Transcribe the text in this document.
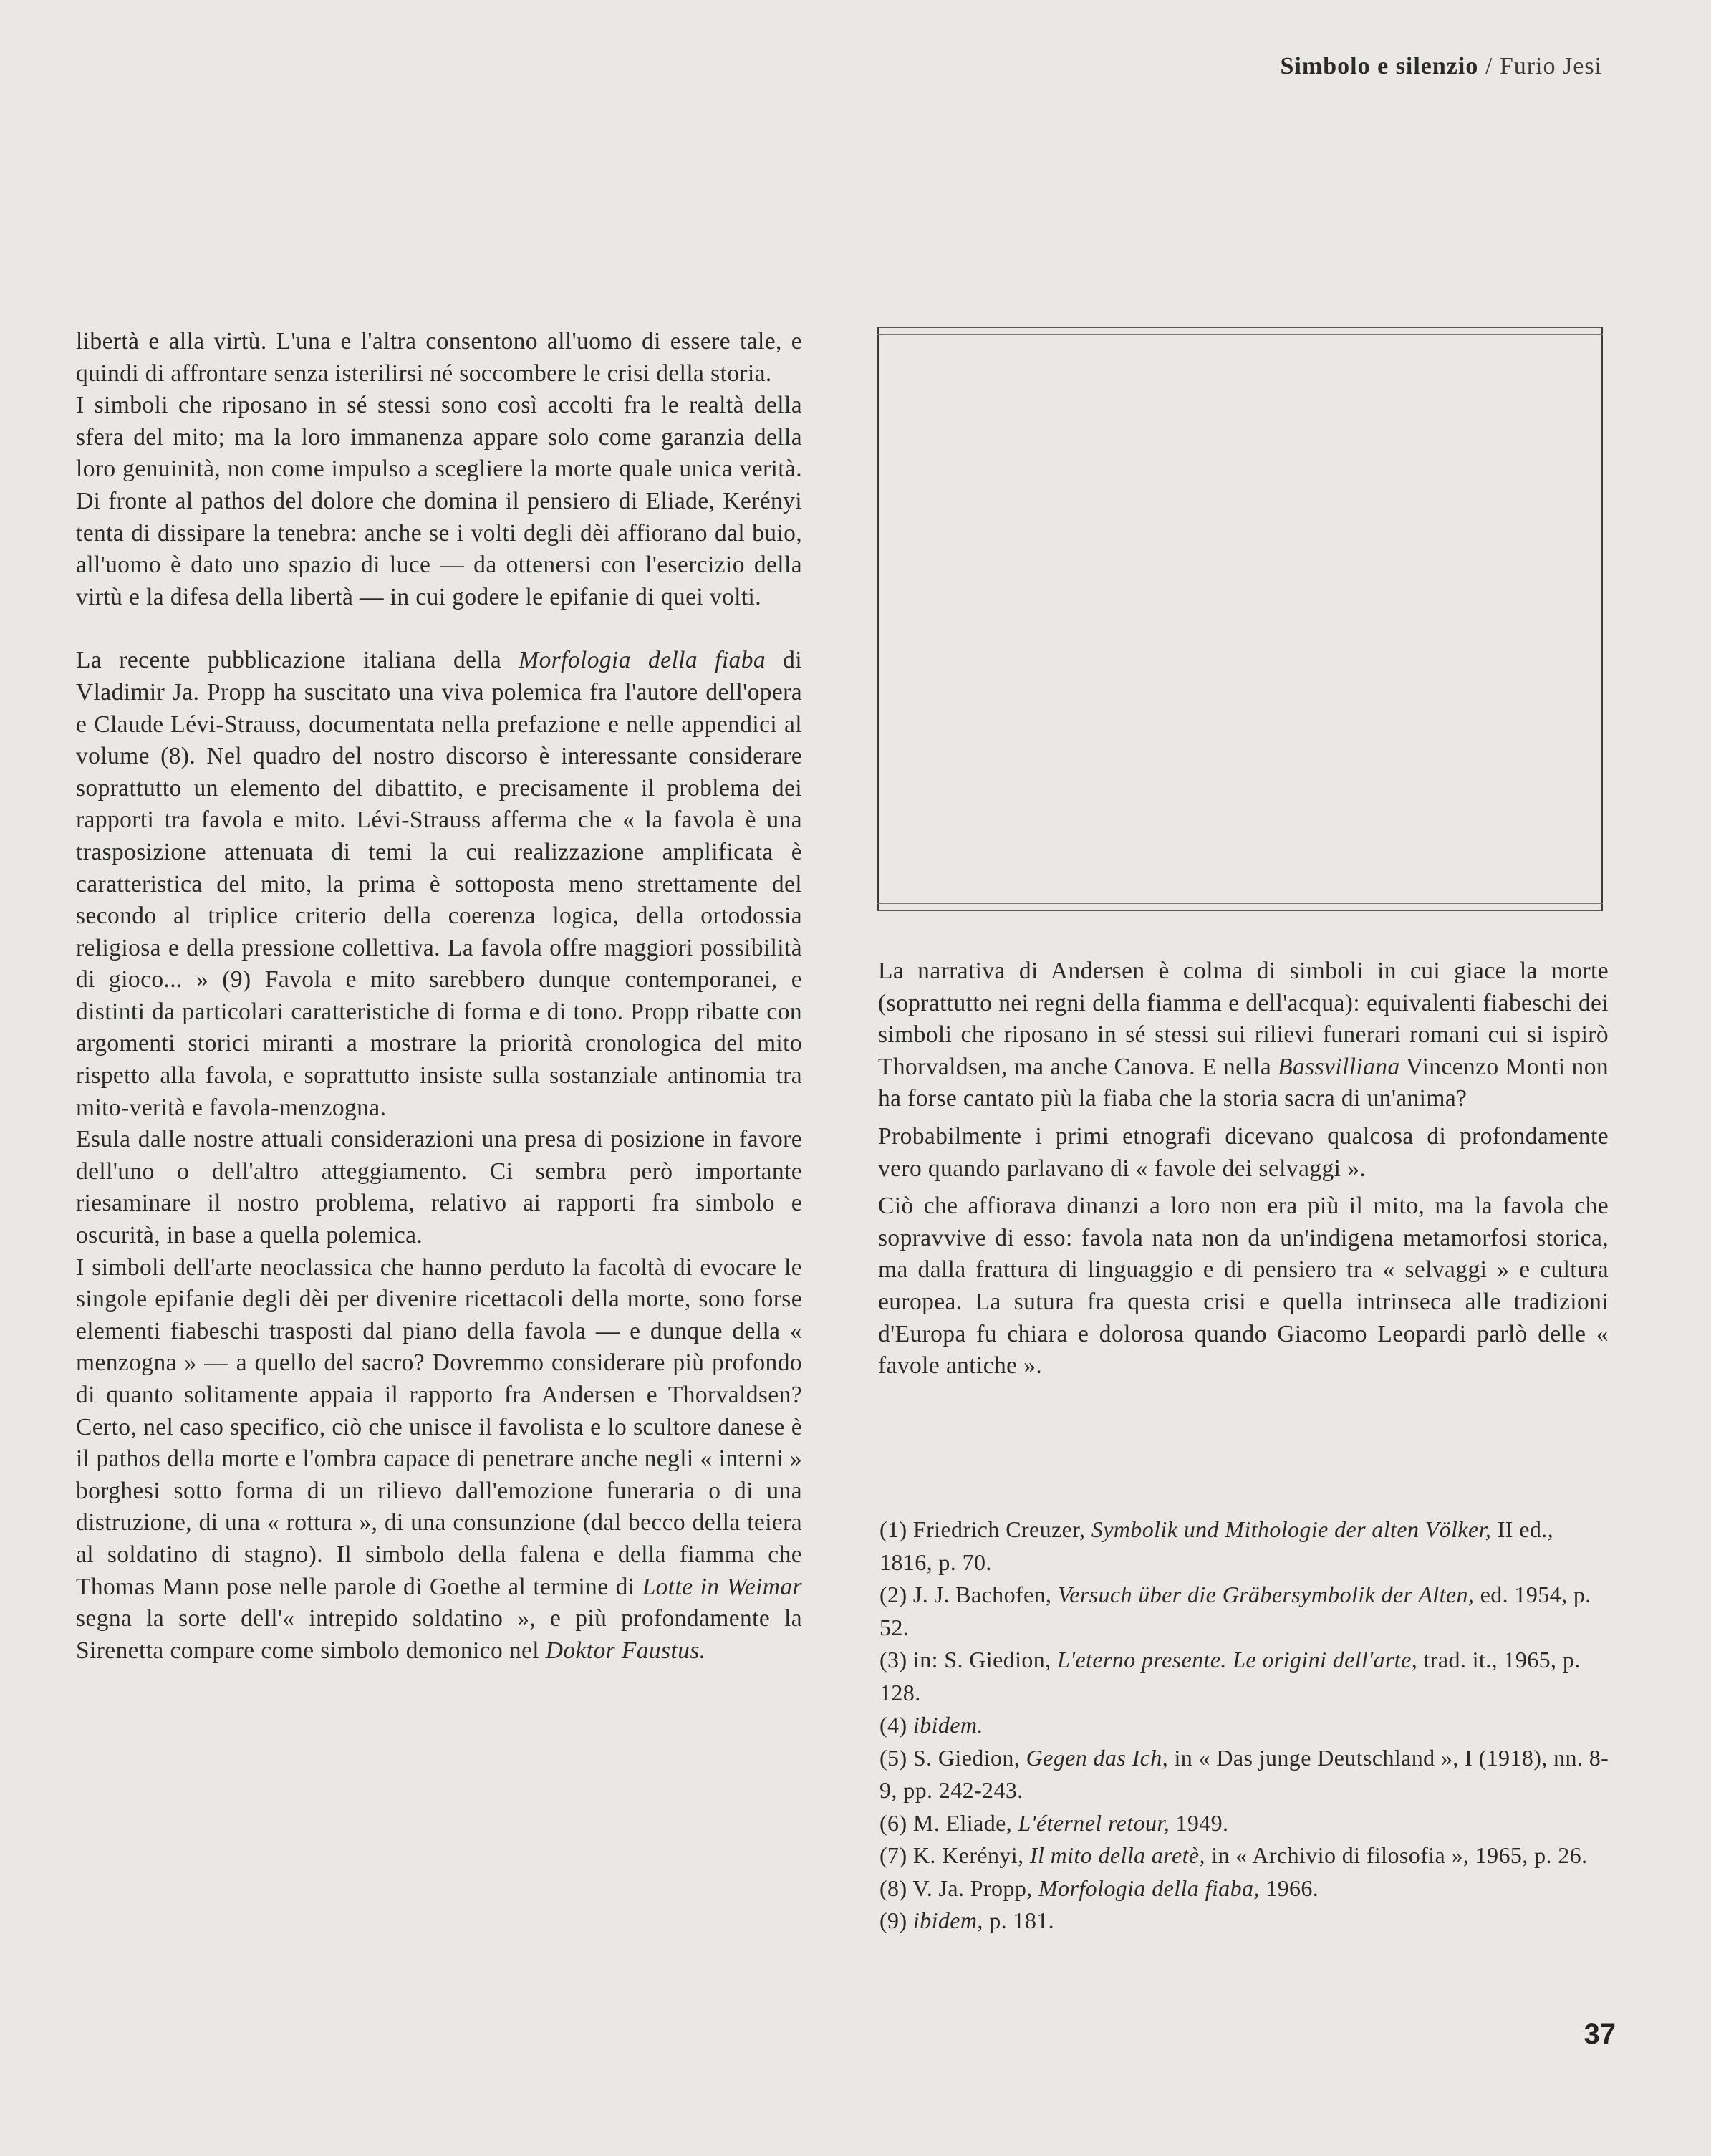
Simbolo e silenzio / Furio Jesi

libertà e alla virtù. L'una e l'altra consentono all'uomo di essere tale, e quindi di affrontare senza isterilirsi né soccombere le crisi della storia.

I simboli che riposano in sé stessi sono così accolti fra le realtà della sfera del mito; ma la loro immanenza appare solo come garanzia della loro genuinità, non come impulso a scegliere la morte quale unica verità. Di fronte al pathos del dolore che domina il pensiero di Eliade, Kerényi tenta di dissipare la tenebra: anche se i volti degli dèi affiorano dal buio, all'uomo è dato uno spazio di luce — da ottenersi con l'esercizio della virtù e la difesa della libertà — in cui godere le epifanie di quei volti.

La recente pubblicazione italiana della Morfologia della fiaba di Vladimir Ja. Propp ha suscitato una viva polemica fra l'autore dell'opera e Claude Lévi-Strauss, documentata nella prefazione e nelle appendici al volume (8). Nel quadro del nostro discorso è interessante considerare soprattutto un elemento del dibattito, e precisamente il problema dei rapporti tra favola e mito. Lévi-Strauss afferma che « la favola è una trasposizione attenuata di temi la cui realizzazione amplificata è caratteristica del mito, la prima è sottoposta meno strettamente del secondo al triplice criterio della coerenza logica, della ortodossia religiosa e della pressione collettiva. La favola offre maggiori possibilità di gioco... » (9) Favola e mito sarebbero dunque contemporanei, e distinti da particolari caratteristiche di forma e di tono. Propp ribatte con argomenti storici miranti a mostrare la priorità cronologica del mito rispetto alla favola, e soprattutto insiste sulla sostanziale antinomia tra mito-verità e favola-menzogna.

Esula dalle nostre attuali considerazioni una presa di posizione in favore dell'uno o dell'altro atteggiamento. Ci sembra però importante riesaminare il nostro problema, relativo ai rapporti fra simbolo e oscurità, in base a quella polemica.

I simboli dell'arte neoclassica che hanno perduto la facoltà di evocare le singole epifanie degli dèi per divenire ricettacoli della morte, sono forse elementi fiabeschi trasposti dal piano della favola — e dunque della « menzogna » — a quello del sacro? Dovremmo considerare più profondo di quanto solitamente appaia il rapporto fra Andersen e Thorvaldsen? Certo, nel caso specifico, ciò che unisce il favolista e lo scultore danese è il pathos della morte e l'ombra capace di penetrare anche negli « interni » borghesi sotto forma di un rilievo dall'emozione funeraria o di una distruzione, di una « rottura », di una consunzione (dal becco della teiera al soldatino di stagno). Il simbolo della falena e della fiamma che Thomas Mann pose nelle parole di Goethe al termine di Lotte in Weimar segna la sorte dell'« intrepido soldatino », e più profondamente la Sirenetta compare come simbolo demonico nel Doktor Faustus.

La narrativa di Andersen è colma di simboli in cui giace la morte (soprattutto nei regni della fiamma e dell'acqua): equivalenti fiabeschi dei simboli che riposano in sé stessi sui rilievi funerari romani cui si ispirò Thorvaldsen, ma anche Canova. E nella Bassvilliana Vincenzo Monti non ha forse cantato più la fiaba che la storia sacra di un'anima?

Probabilmente i primi etnografi dicevano qualcosa di profondamente vero quando parlavano di « favole dei selvaggi ».

Ciò che affiorava dinanzi a loro non era più il mito, ma la favola che sopravvive di esso: favola nata non da un'indigena metamorfosi storica, ma dalla frattura di linguaggio e di pensiero tra « selvaggi » e cultura europea. La sutura fra questa crisi e quella intrinseca alle tradizioni d'Europa fu chiara e dolorosa quando Giacomo Leopardi parlò delle « favole antiche ».

(1) Friedrich Creuzer, Symbolik und Mithologie der alten Völker, II ed., 1816, p. 70.

(2) J. J. Bachofen, Versuch über die Gräbersymbolik der Alten, ed. 1954, p. 52.

(3) in: S. Giedion, L'eterno presente. Le origini dell'arte, trad. it., 1965, p. 128.

(4) ibidem.

(5) S. Giedion, Gegen das Ich, in « Das junge Deutschland », I (1918), nn. 8-9, pp. 242-243.

(6) M. Eliade, L'éternel retour, 1949.

(7) K. Kerényi, Il mito della aretè, in « Archivio di filosofia », 1965, p. 26.

(8) V. Ja. Propp, Morfologia della fiaba, 1966.

(9) ibidem, p. 181.

37
